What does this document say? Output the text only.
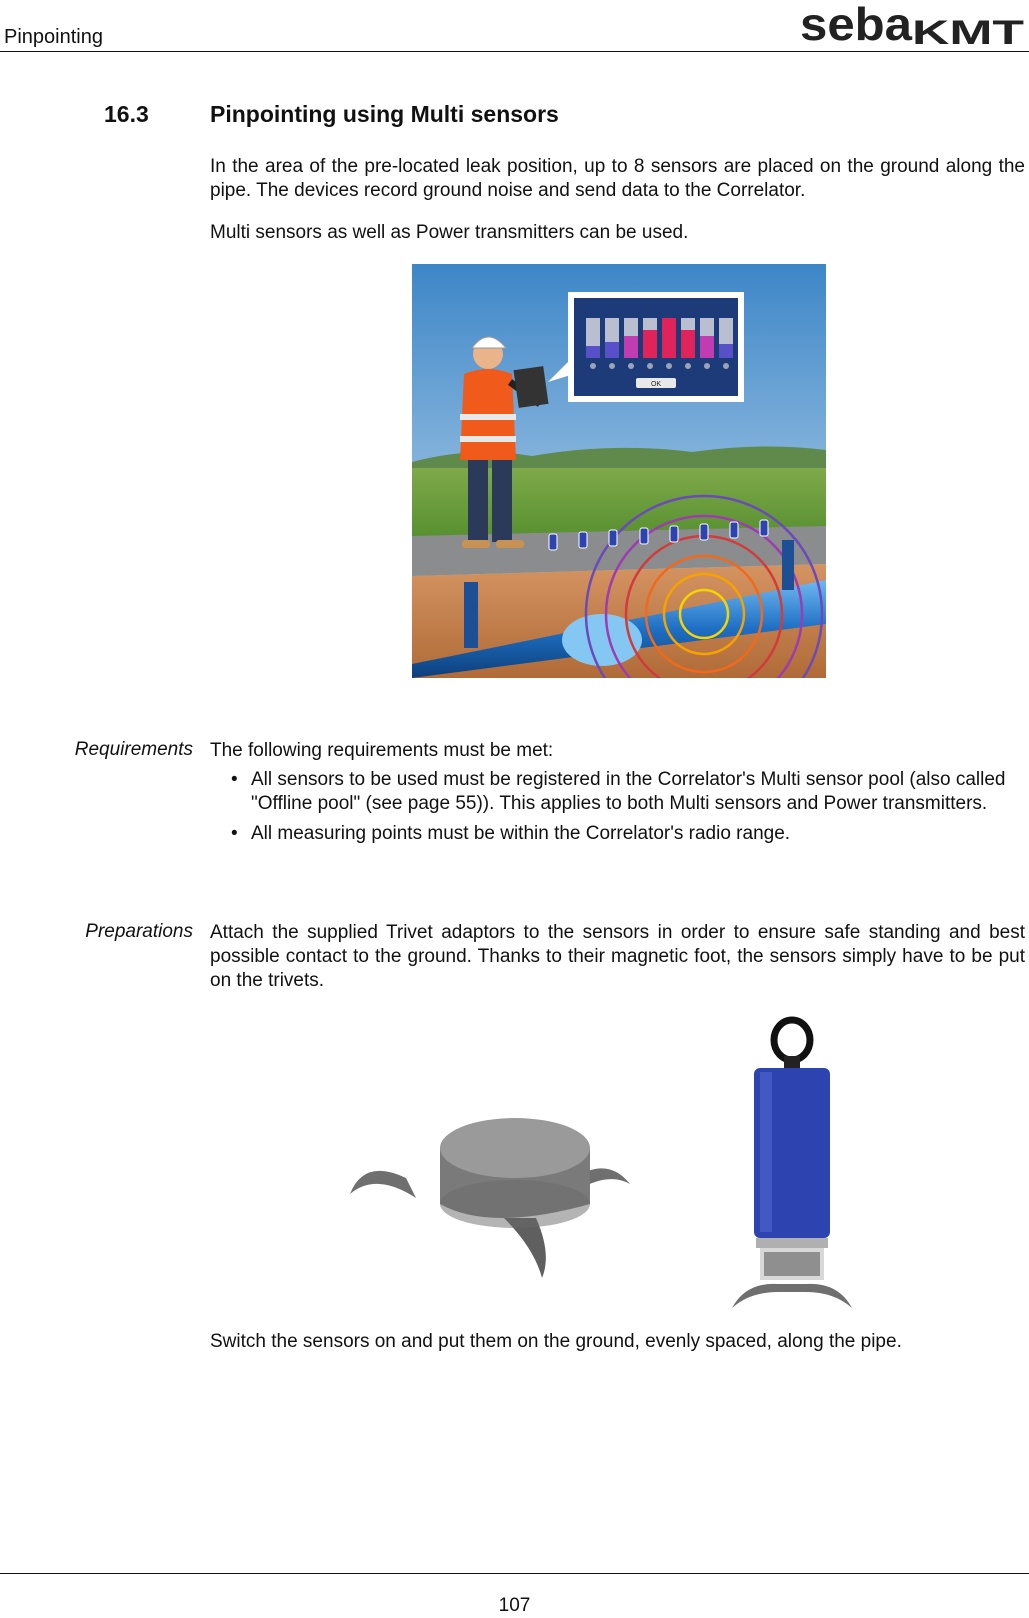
Pinpointing	seba KMT
16.3	Pinpointing using Multi sensors
In the area of the pre-located leak position, up to 8 sensors are placed on the ground along the pipe. The devices record ground noise and send data to the Correlator.
Multi sensors as well as Power transmitters can be used.
OK
Requirements The following requirements must be met:
• All sensors to be used must be registered in the Correlator's Multi sensor pool (also called "Offline pool" (see page 55)). This applies to both Multi sensors and Power transmitters.
• All measuring points must be within the Correlator's radio range.
Preparations Attach the supplied Trivet adaptors to the sensors in order to ensure safe standing and best possible contact to the ground. Thanks to their magnetic foot, the sensors simply have to be put on the trivets.
Switch the sensors on and put them on the ground, evenly spaced, along the pipe.
107
